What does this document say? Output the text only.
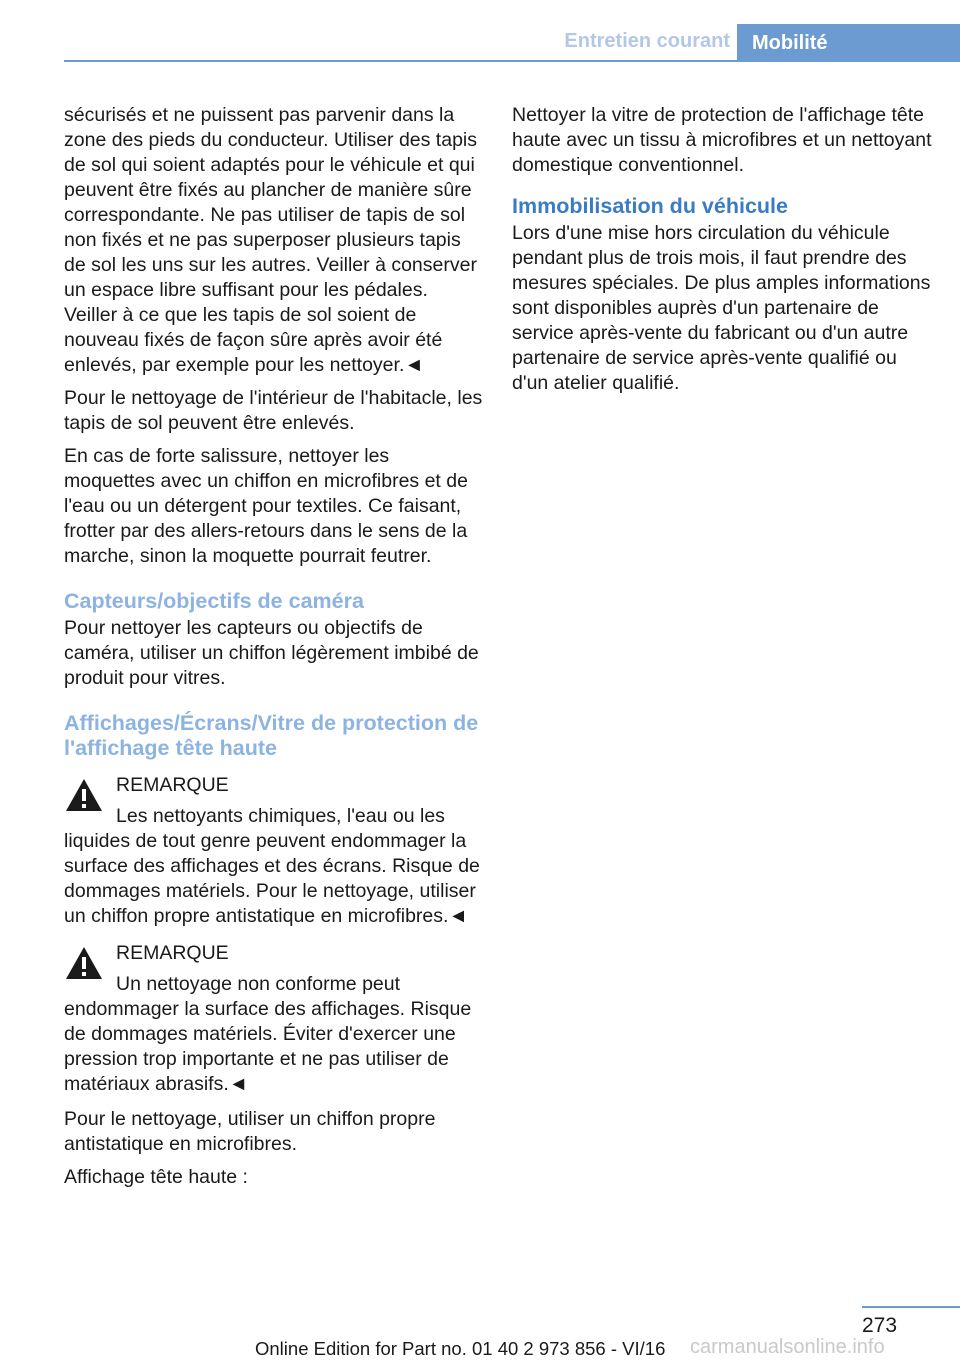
Entretien courant	Mobilité

sécurisés et ne puissent pas parvenir dans la zone des pieds du conducteur. Utiliser des tapis de sol qui soient adaptés pour le véhicule et qui peuvent être fixés au plancher de manière sûre correspondante. Ne pas utiliser de tapis de sol non fixés et ne pas superposer plusieurs tapis de sol les uns sur les autres. Veiller à conserver un espace libre suffisant pour les pédales. Veiller à ce que les tapis de sol soient de nouveau fixés de façon sûre après avoir été enlevés, par exemple pour les nettoyer.◄

Pour le nettoyage de l'intérieur de l'habitacle, les tapis de sol peuvent être enlevés.

En cas de forte salissure, nettoyer les moquettes avec un chiffon en microfibres et de l'eau ou un détergent pour textiles. Ce faisant, frotter par des allers-retours dans le sens de la marche, sinon la moquette pourrait feutrer.

Capteurs/objectifs de caméra

Pour nettoyer les capteurs ou objectifs de caméra, utiliser un chiffon légèrement imbibé de produit pour vitres.

Affichages/Écrans/Vitre de protection de l'affichage tête haute
REMARQUE

Les nettoyants chimiques, l'eau ou les liquides de tout genre peuvent endommager la surface des affichages et des écrans. Risque de dommages matériels. Pour le nettoyage, utiliser un chiffon propre antistatique en microfibres.◄

REMARQUE

Un nettoyage non conforme peut endommager la surface des affichages. Risque de dommages matériels. Éviter d'exercer une pression trop importante et ne pas utiliser de matériaux abrasifs.◄

Pour le nettoyage, utiliser un chiffon propre antistatique en microfibres.

Affichage tête haute :

Nettoyer la vitre de protection de l'affichage tête haute avec un tissu à microfibres et un nettoyant domestique conventionnel.

Immobilisation du véhicule

Lors d'une mise hors circulation du véhicule pendant plus de trois mois, il faut prendre des mesures spéciales. De plus amples informations sont disponibles auprès d'un partenaire de service après-vente du fabricant ou d'un autre partenaire de service après-vente qualifié ou d'un atelier qualifié.

273
Online Edition for Part no. 01 40 2 973 856 - VI/16 carmanualsonline.info
